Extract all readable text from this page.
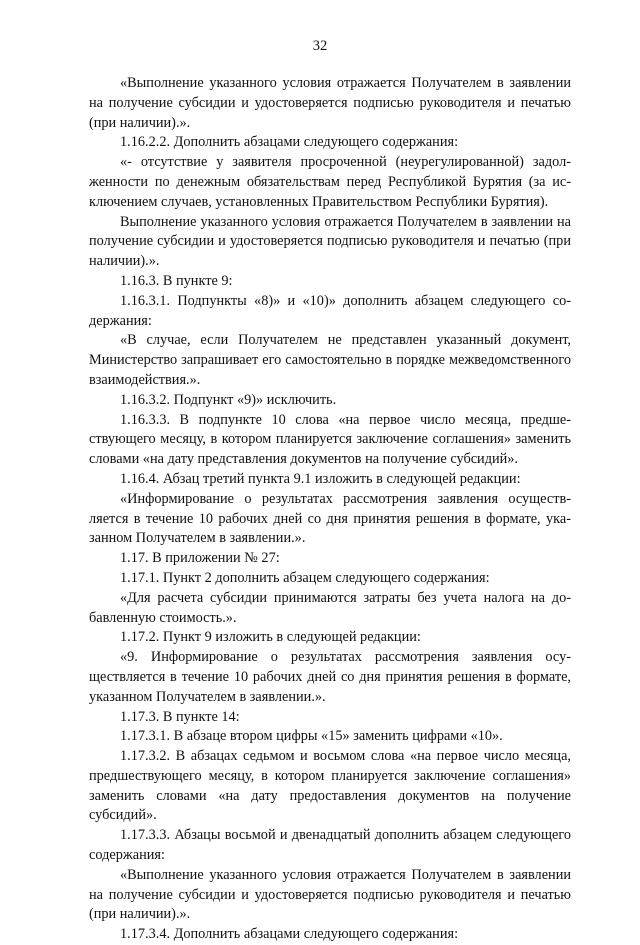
32

«Выполнение указанного условия отражается Получателем в заявлении на получение субсидии и удостоверяется подписью руководителя и печатью (при наличии).».

1.16.2.2. Дополнить абзацами следующего содержания:

«- отсутствие у заявителя просроченной (неурегулированной) задолженности по денежным обязательствам перед Республикой Бурятия (за исключением случаев, установленных Правительством Республики Бурятия).

Выполнение указанного условия отражается Получателем в заявлении на получение субсидии и удостоверяется подписью руководителя и печатью (при наличии).».

1.16.3. В пункте 9:

1.16.3.1. Подпункты «8)» и «10)» дополнить абзацем следующего содержания:

«В случае, если Получателем не представлен указанный документ, Министерство запрашивает его самостоятельно в порядке межведомственного взаимодействия.».

1.16.3.2. Подпункт «9)» исключить.

1.16.3.3. В подпункте 10 слова «на первое число месяца, предшествующего месяцу, в котором планируется заключение соглашения» заменить словами «на дату представления документов на получение субсидий».

1.16.4. Абзац третий пункта 9.1 изложить в следующей редакции:

«Информирование о результатах рассмотрения заявления осуществляется в течение 10 рабочих дней со дня принятия решения в формате, указанном Получателем в заявлении.».

1.17. В приложении № 27:

1.17.1. Пункт 2 дополнить абзацем следующего содержания:

«Для расчета субсидии принимаются затраты без учета налога на добавленную стоимость.».

1.17.2. Пункт 9 изложить в следующей редакции:

«9. Информирование о результатах рассмотрения заявления осуществляется в течение 10 рабочих дней со дня принятия решения в формате, указанном Получателем в заявлении.».

1.17.3. В пункте 14:

1.17.3.1. В абзаце втором цифры «15» заменить цифрами «10».

1.17.3.2. В абзацах седьмом и восьмом слова «на первое число месяца, предшествующего месяцу, в котором планируется заключение соглашения» заменить словами «на дату предоставления документов на получение субсидий».

1.17.3.3. Абзацы восьмой и двенадцатый дополнить абзацем следующего содержания:

«Выполнение указанного условия отражается Получателем в заявлении на получение субсидии и удостоверяется подписью руководителя и печатью (при наличии).».

1.17.3.4. Дополнить абзацами следующего содержания:
